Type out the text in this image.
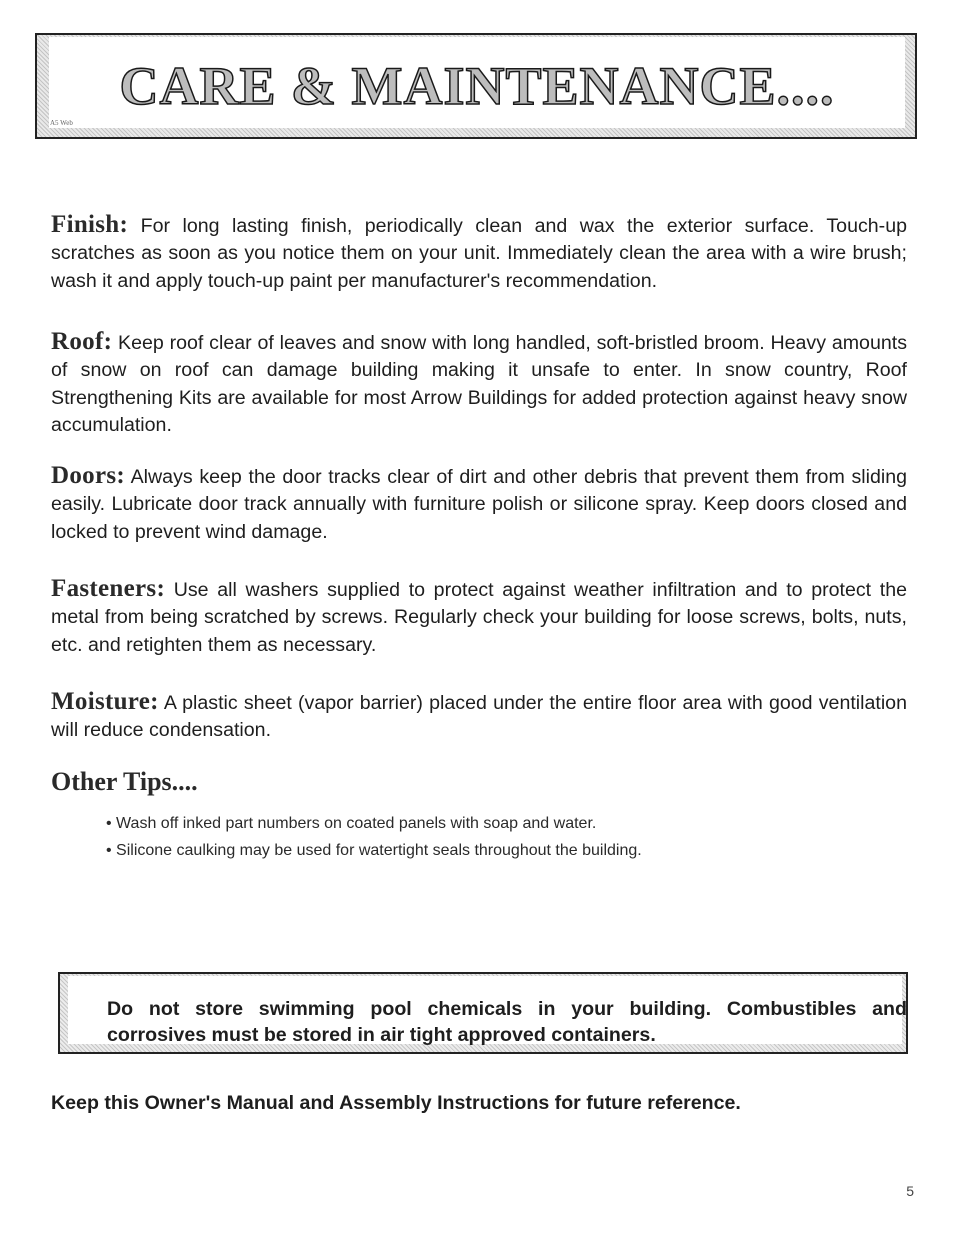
CARE & MAINTENANCE....
A5 Web

Finish: For long lasting finish, periodically clean and wax the exterior surface. Touch-up scratches as soon as you notice them on your unit. Immediately clean the area with a wire brush; wash it and apply touch-up paint per manufacturer's recommendation.

Roof: Keep roof clear of leaves and snow with long handled, soft-bristled broom. Heavy amounts of snow on roof can damage building making it unsafe to enter. In snow country, Roof Strengthening Kits are available for most Arrow Buildings for added protection against heavy snow accumulation.

Doors: Always keep the door tracks clear of dirt and other debris that prevent them from sliding easily. Lubricate door track annually with furniture polish or silicone spray. Keep doors closed and locked to prevent wind damage.

Fasteners: Use all washers supplied to protect against weather infiltration and to protect the metal from being scratched by screws. Regularly check your building for loose screws, bolts, nuts, etc. and retighten them as necessary.

Moisture: A plastic sheet (vapor barrier) placed under the entire floor area with good ventilation will reduce condensation.

Other Tips....
• Wash off inked part numbers on coated panels with soap and water.
• Silicone caulking may be used for watertight seals throughout the building.

Do not store swimming pool chemicals in your building. Combustibles and corrosives must be stored in air tight approved containers.

Keep this Owner's Manual and Assembly Instructions for future reference.

5
